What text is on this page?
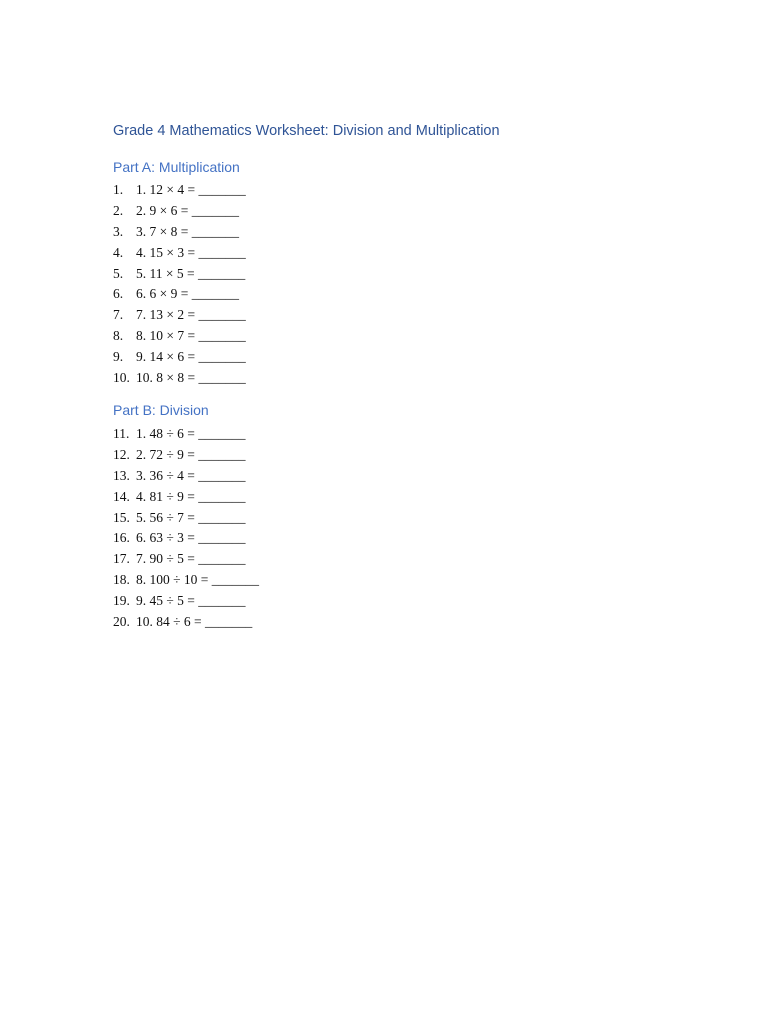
Grade 4 Mathematics Worksheet: Division and Multiplication
Part A: Multiplication
1. 1. 12 × 4 = _______
2. 2. 9 × 6 = _______
3. 3. 7 × 8 = _______
4. 4. 15 × 3 = _______
5. 5. 11 × 5 = _______
6. 6. 6 × 9 = _______
7. 7. 13 × 2 = _______
8. 8. 10 × 7 = _______
9. 9. 14 × 6 = _______
10. 10. 8 × 8 = _______
Part B: Division
11. 1. 48 ÷ 6 = _______
12. 2. 72 ÷ 9 = _______
13. 3. 36 ÷ 4 = _______
14. 4. 81 ÷ 9 = _______
15. 5. 56 ÷ 7 = _______
16. 6. 63 ÷ 3 = _______
17. 7. 90 ÷ 5 = _______
18. 8. 100 ÷ 10 = _______
19. 9. 45 ÷ 5 = _______
20. 10. 84 ÷ 6 = _______
